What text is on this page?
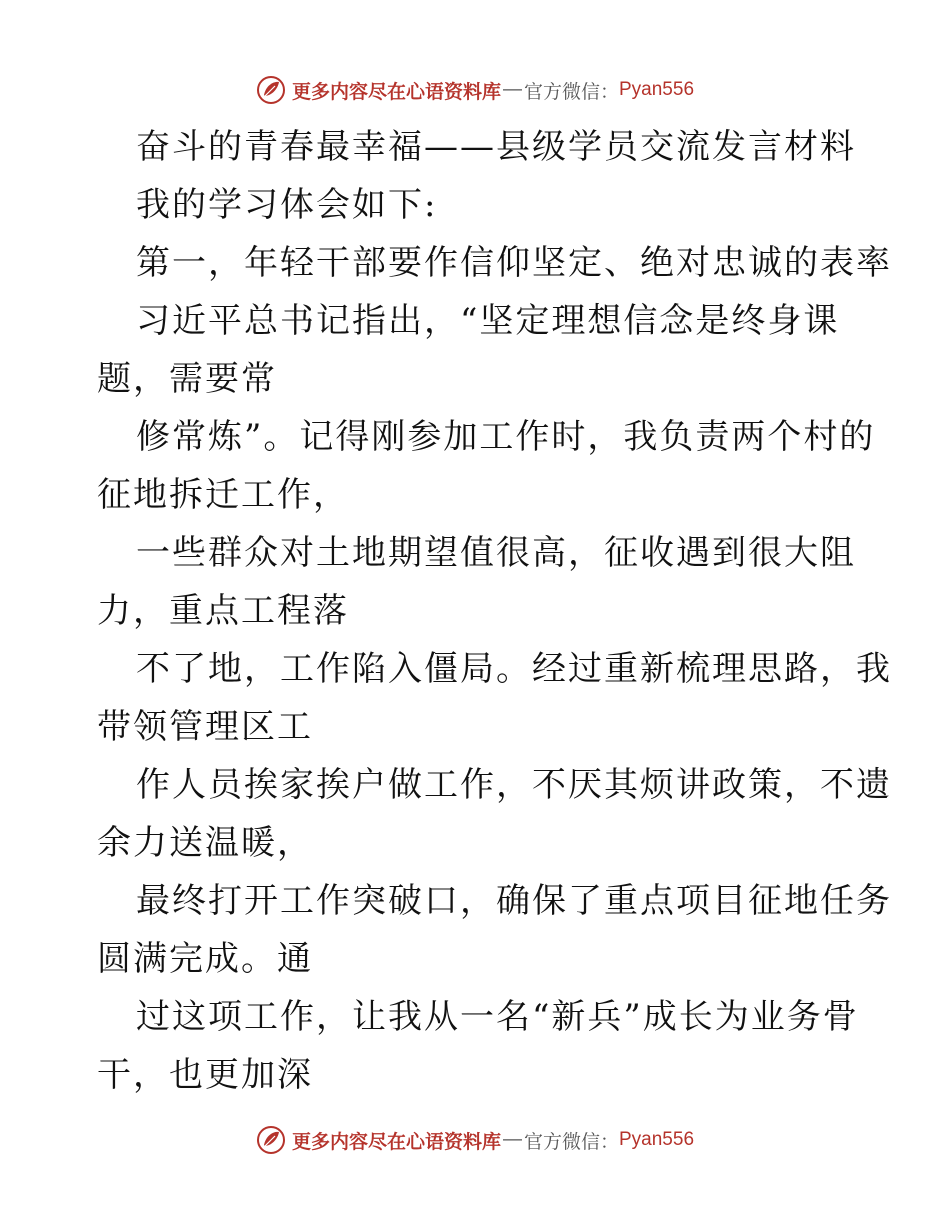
更多内容尽在心语资料库 — 官方微信： Pyan556
奋斗的青春最幸福——县级学员交流发言材料
我的学习体会如下:
第一，年轻干部要作信仰坚定、绝对忠诚的表率
习近平总书记指出，“坚定理想信念是终身课
题，需要常
修常炼”。记得刚参加工作时，我负责两个村的
征地拆迁工作，
一些群众对土地期望值很高，征收遇到很大阻
力，重点工程落
不了地，工作陷入僵局。经过重新梳理思路，我
带领管理区工
作人员挨家挨户做工作，不厌其烦讲政策，不遗
余力送温暖，
最终打开工作突破口，确保了重点项目征地任务
圆满完成。通
过这项工作，让我从一名“新兵”成长为业务骨
干，也更加深
更多内容尽在心语资料库 — 官方微信： Pyan556
